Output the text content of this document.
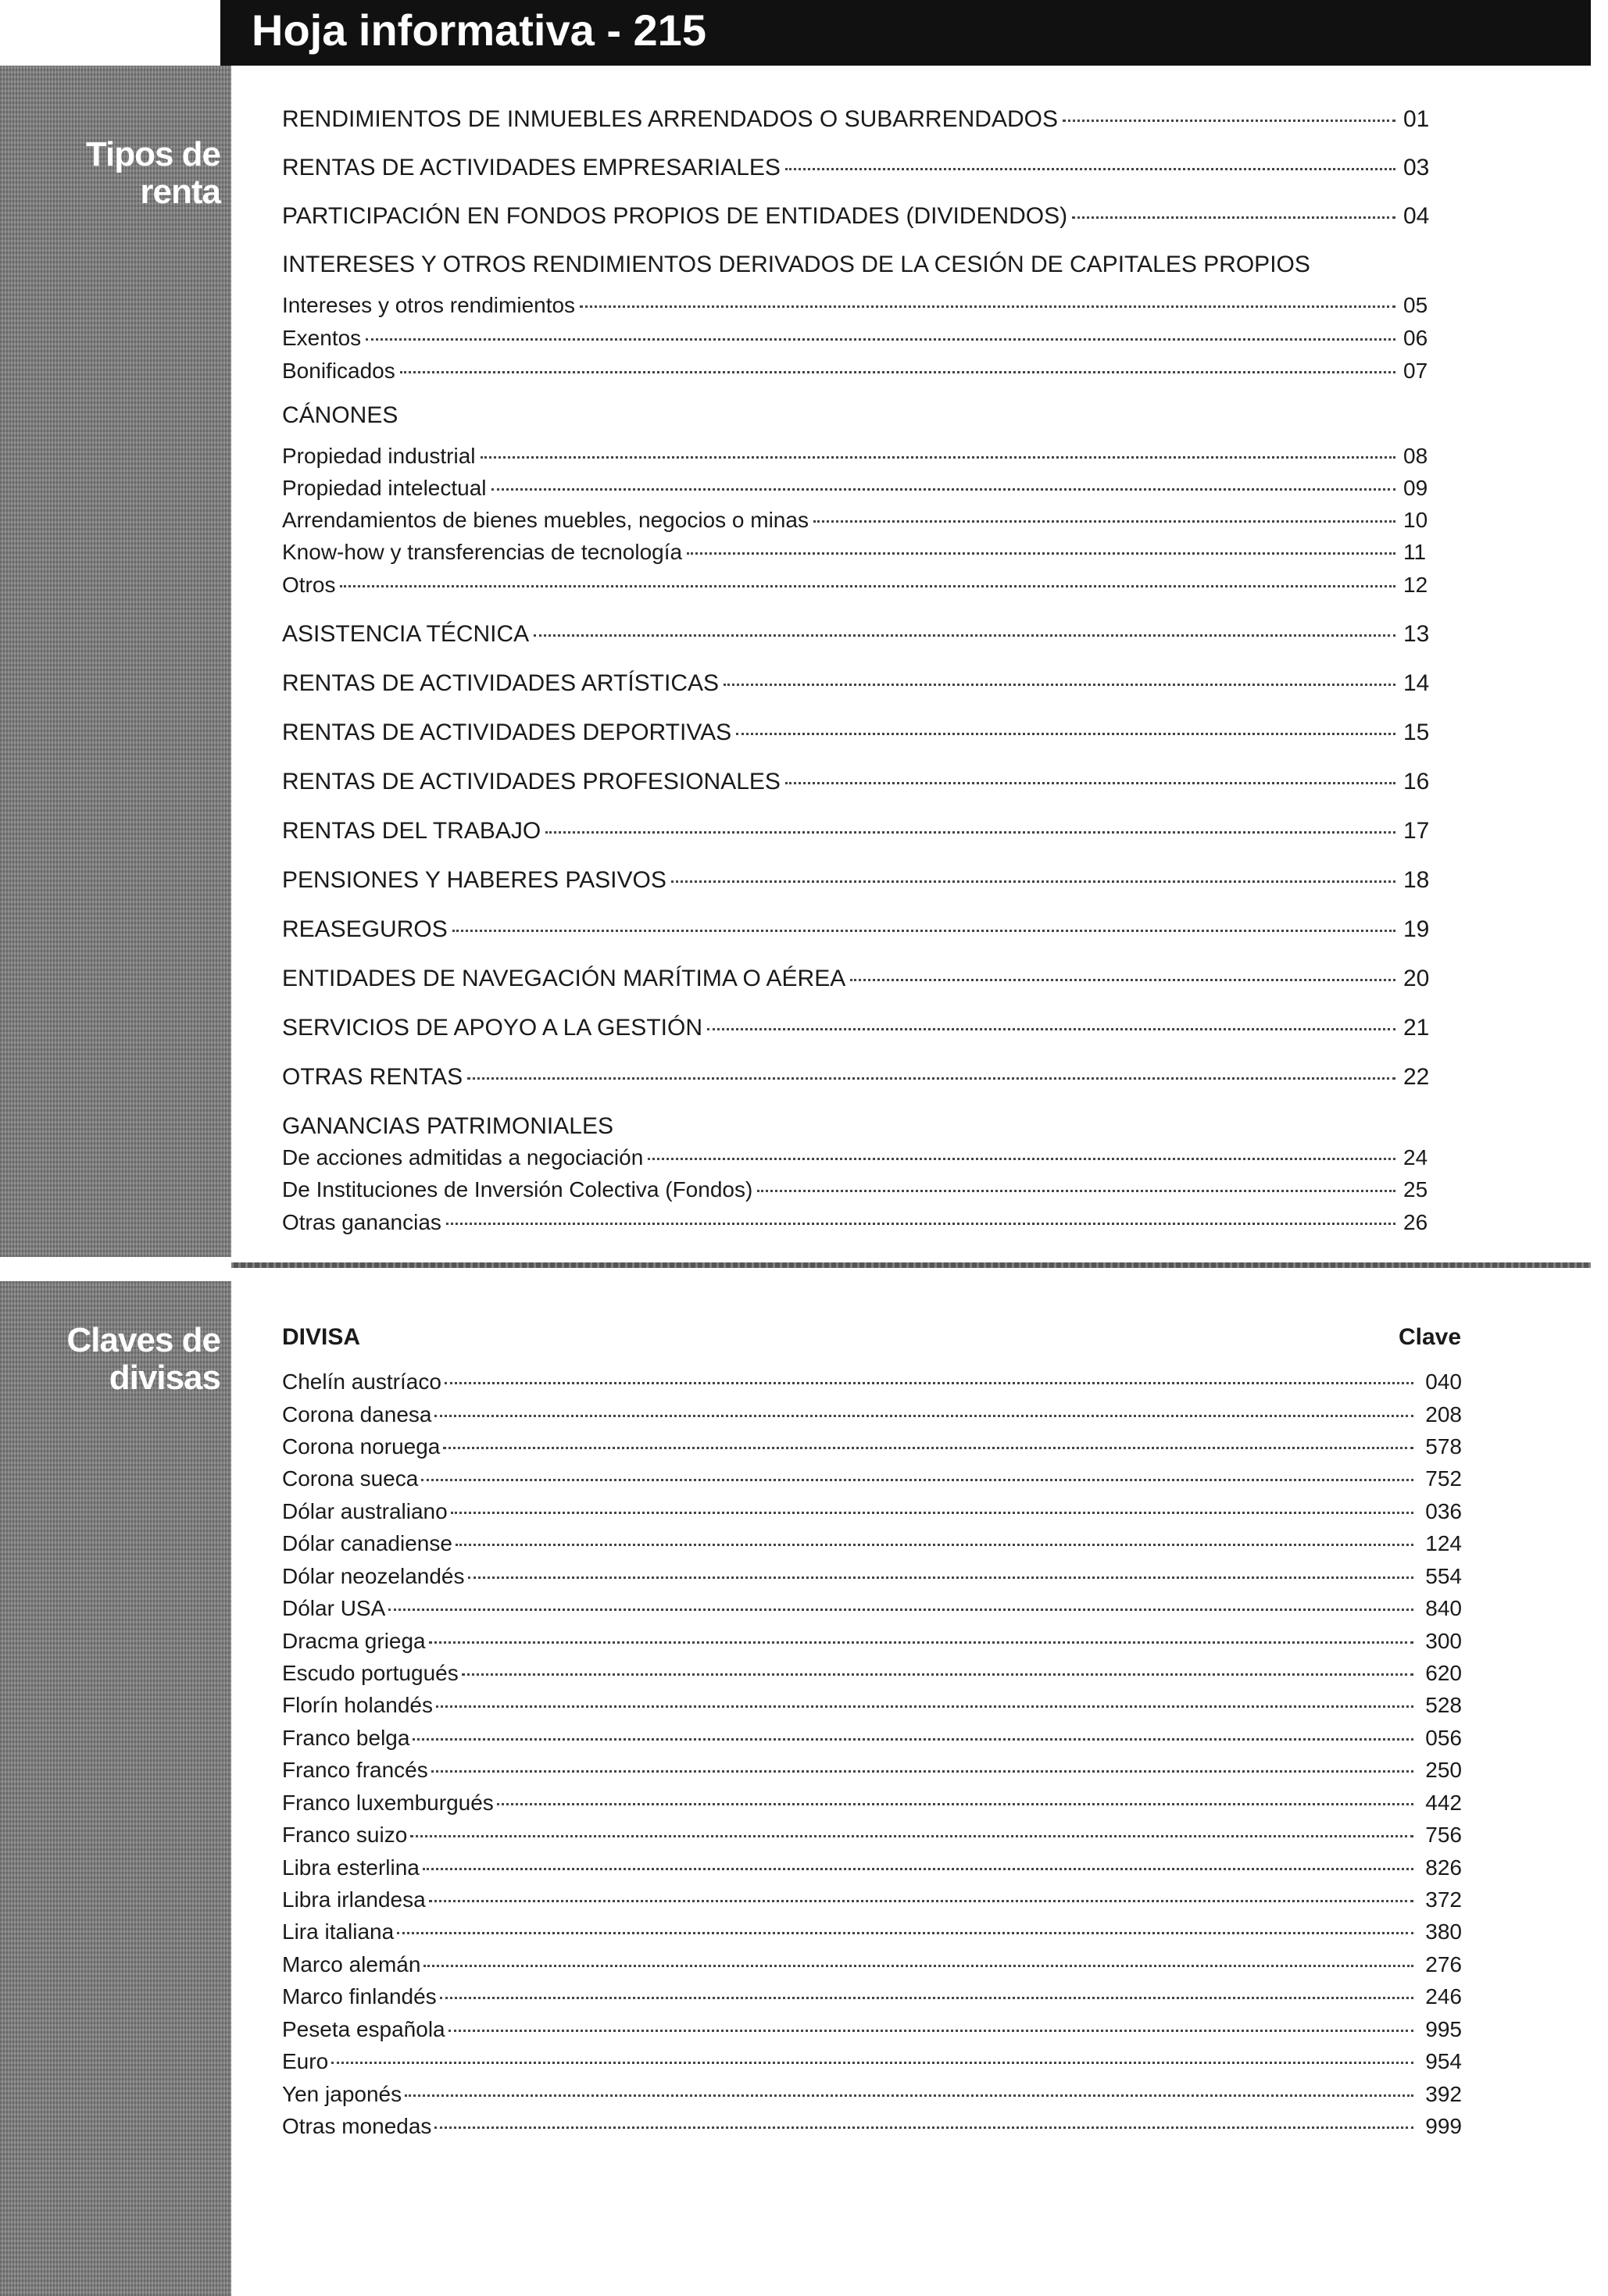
Hoja informativa - 215
Tipos de renta
Claves de
divisas
RENDIMIENTOS DE INMUEBLES ARRENDADOS O SUBARRENDADOS	01
RENTAS DE ACTIVIDADES EMPRESARIALES	03
PARTICIPACIÓN EN FONDOS PROPIOS DE ENTIDADES (DIVIDENDOS)	04
INTERESES Y OTROS RENDIMIENTOS DERIVADOS DE LA CESIÓN DE CAPITALES PROPIOS
Intereses y otros rendimientos	05
Exentos	06
Bonificados	07
CÁNONES
Propiedad industrial	08
Propiedad intelectual	09
Arrendamientos de bienes muebles, negocios o minas	10
Know-how y transferencias de tecnología	11
Otros	12
ASISTENCIA TÉCNICA	13
RENTAS DE ACTIVIDADES ARTÍSTICAS	14
RENTAS DE ACTIVIDADES DEPORTIVAS	15
RENTAS DE ACTIVIDADES PROFESIONALES	16
RENTAS DEL TRABAJO	17
PENSIONES Y HABERES PASIVOS	18
REASEGUROS	19
ENTIDADES DE NAVEGACIÓN MARÍTIMA O AÉREA	20
SERVICIOS DE APOYO A LA GESTIÓN	21
OTRAS RENTAS	22
GANANCIAS PATRIMONIALES
De acciones admitidas a negociación	24
De Instituciones de Inversión Colectiva (Fondos)	25
Otras ganancias	26
DIVISA	Clave
Chelín austríaco	040
Corona danesa	208
Corona noruega	578
Corona sueca	752
Dólar australiano	036
Dólar canadiense	124
Dólar neozelandés	554
Dólar USA	840
Dracma griega	300
Escudo portugués	620
Florín holandés	528
Franco belga	056
Franco francés	250
Franco luxemburgués	442
Franco suizo	756
Libra esterlina	826
Libra irlandesa	372
Lira italiana	380
Marco alemán	276
Marco finlandés	246
Peseta española	995
Euro	954
Yen japonés	392
Otras monedas	999
